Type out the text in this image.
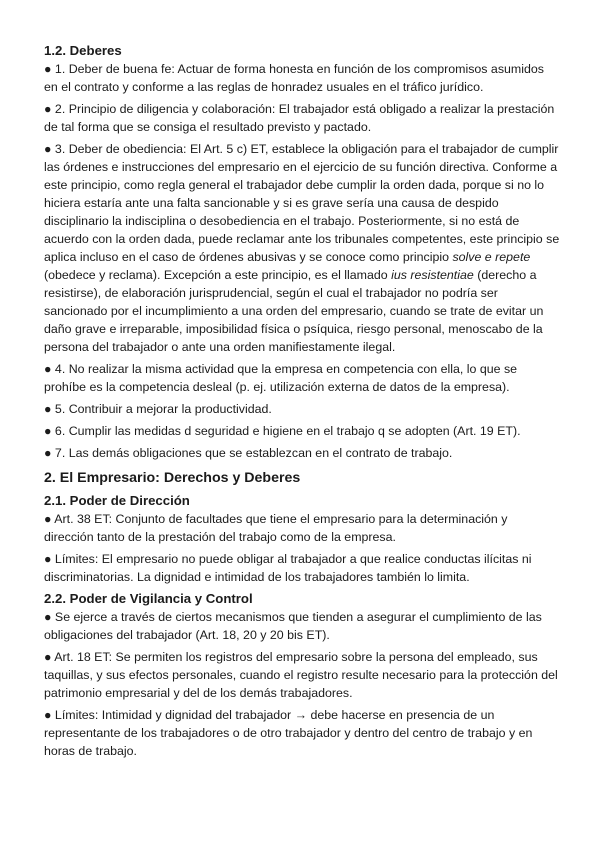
1.2. Deberes

● 1. Deber de buena fe: Actuar de forma honesta en función de los compromisos asumidos en el contrato y conforme a las reglas de honradez usuales en el tráfico jurídico.

● 2. Principio de diligencia y colaboración: El trabajador está obligado a realizar la prestación de tal forma que se consiga el resultado previsto y pactado.

● 3. Deber de obediencia: El Art. 5 c) ET, establece la obligación para el trabajador de cumplir las órdenes e instrucciones del empresario en el ejercicio de su función directiva. Conforme a este principio, como regla general el trabajador debe cumplir la orden dada, porque si no lo hiciera estaría ante una falta sancionable y si es grave sería una causa de despido disciplinario la indisciplina o desobediencia en el trabajo. Posteriormente, si no está de acuerdo con la orden dada, puede reclamar ante los tribunales competentes, este principio se aplica incluso en el caso de órdenes abusivas y se conoce como principio solve e repete (obedece y reclama). Excepción a este principio, es el llamado ius resistentiae (derecho a resistirse), de elaboración jurisprudencial, según el cual el trabajador no podría ser sancionado por el incumplimiento a una orden del empresario, cuando se trate de evitar un daño grave e irreparable, imposibilidad física o psíquica, riesgo personal, menoscabo de la persona del trabajador o ante una orden manifiestamente ilegal.

● 4. No realizar la misma actividad que la empresa en competencia con ella, lo que se prohíbe es la competencia desleal (p. ej. utilización externa de datos de la empresa).

● 5. Contribuir a mejorar la productividad.

● 6. Cumplir las medidas d seguridad e higiene en el trabajo q se adopten (Art. 19 ET).

● 7. Las demás obligaciones que se establezcan en el contrato de trabajo.

2. El Empresario: Derechos y Deberes
2.1. Poder de Dirección

● Art. 38 ET: Conjunto de facultades que tiene el empresario para la determinación y dirección tanto de la prestación del trabajo como de la empresa.

● Límites: El empresario no puede obligar al trabajador a que realice conductas ilícitas ni discriminatorias. La dignidad e intimidad de los trabajadores también lo limita.

2.2. Poder de Vigilancia y Control

● Se ejerce a través de ciertos mecanismos que tienden a asegurar el cumplimiento de las obligaciones del trabajador (Art. 18, 20 y 20 bis ET).

● Art. 18 ET: Se permiten los registros del empresario sobre la persona del empleado, sus taquillas, y sus efectos personales, cuando el registro resulte necesario para la protección del patrimonio empresarial y del de los demás trabajadores.

● Límites: Intimidad y dignidad del trabajador → debe hacerse en presencia de un representante de los trabajadores o de otro trabajador y dentro del centro de trabajo y en horas de trabajo.
